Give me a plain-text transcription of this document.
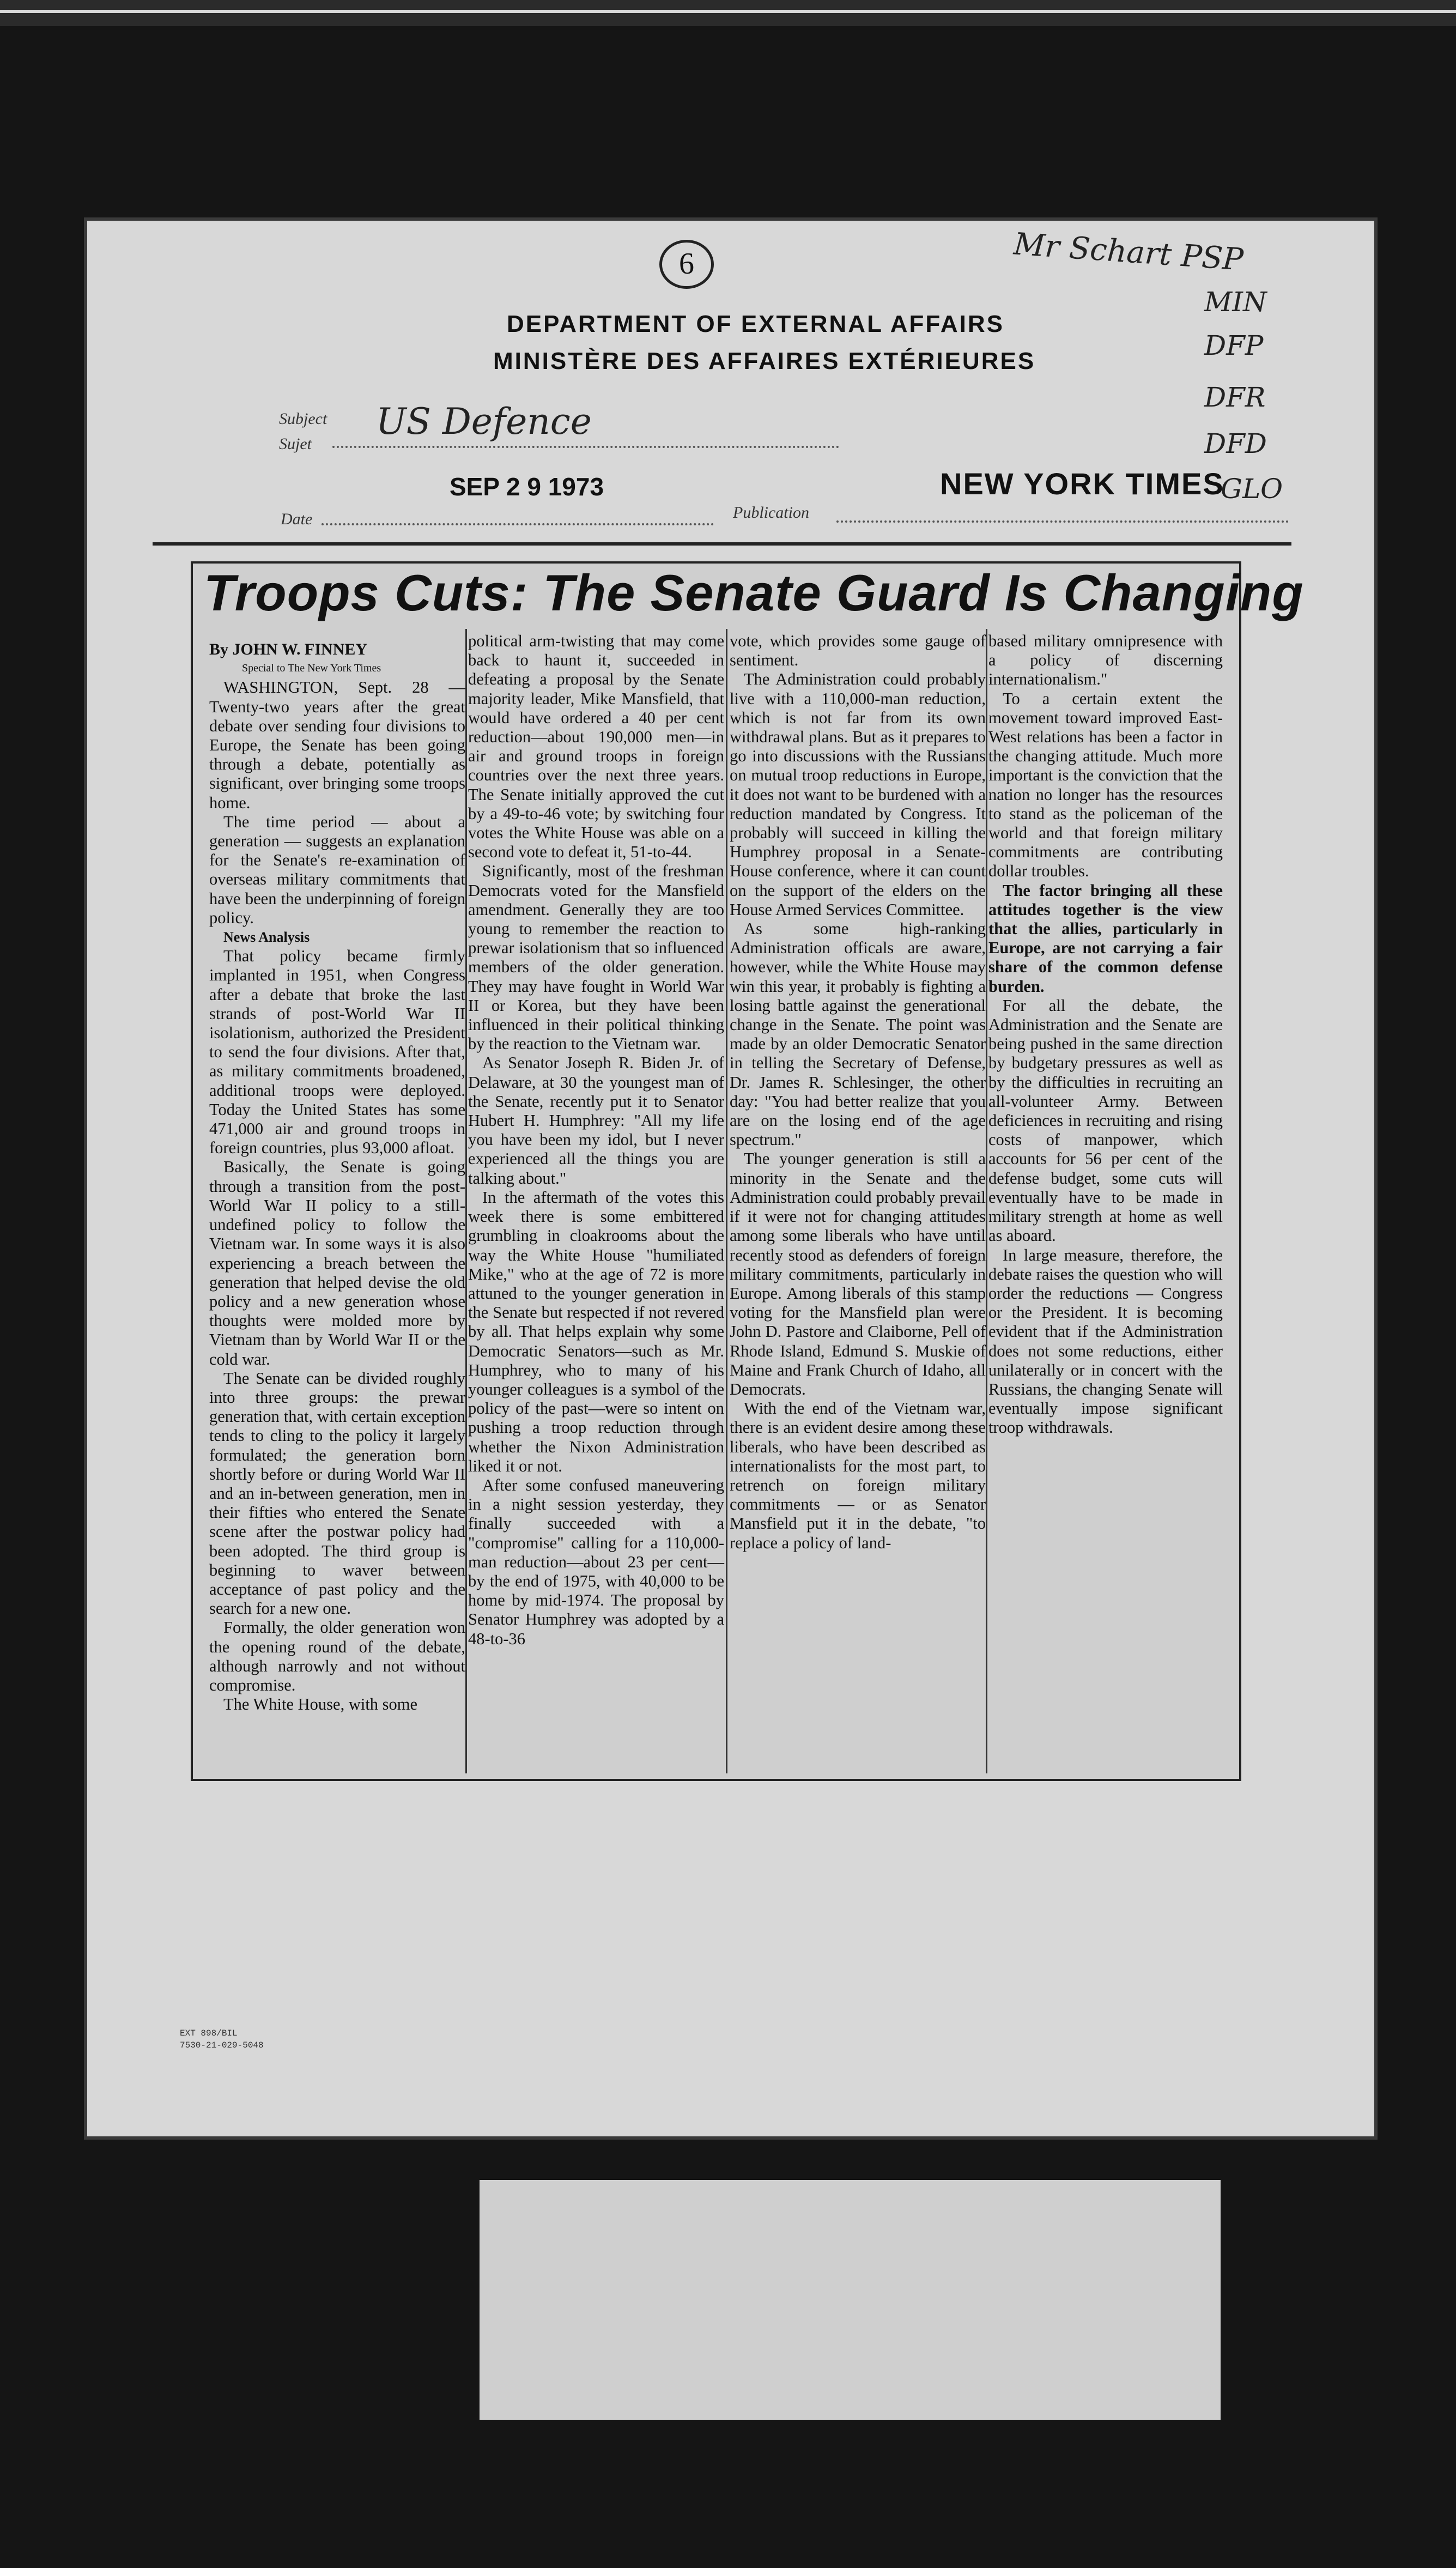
6	Mr Schart PSP
MIN
DFP
DFR
DFD
GLO
DEPARTMENT OF EXTERNAL AFFAIRS
MINISTÈRE DES AFFAIRES EXTÉRIEURES
Subject
Sujet
US Defence
SEP 2 9 1973
Date	Publication
NEW YORK TIMES
Troops Cuts: The Senate Guard Is Changing

By JOHN W. FINNEY

Special to The New York Times

WASHINGTON, Sept. 28 — Twenty-two years after the great debate over sending four divisions to Europe, the Senate has been going through a debate, potentially as significant, over bringing some troops home.

The time period — about a generation — suggests an explanation for the Senate's re-examination of overseas military commitments that have been the underpinning of foreign policy.

News Analysis

That policy became firmly implanted in 1951, when Congress after a debate that broke the last strands of post-World War II isolationism, authorized the President to send the four divisions. After that, as military commitments broadened, additional troops were deployed. Today the United States has some 471,000 air and ground troops in foreign countries, plus 93,000 afloat.

Basically, the Senate is going through a transition from the post-World War II policy to a still-undefined policy to follow the Vietnam war. In some ways it is also experiencing a breach between the generation that helped devise the old policy and a new generation whose thoughts were molded more by Vietnam than by World War II or the cold war.

The Senate can be divided roughly into three groups: the prewar generation that, with certain exception tends to cling to the policy it largely formulated; the generation born shortly before or during World War II and an in-between generation, men in their fifties who entered the Senate scene after the postwar policy had been adopted. The third group is beginning to waver between acceptance of past policy and the search for a new one.

Formally, the older generation won the opening round of the debate, although narrowly and not without compromise.

The White House, with some

political arm-twisting that may come back to haunt it, succeeded in defeating a proposal by the Senate majority leader, Mike Mansfield, that would have ordered a 40 per cent reduction—about 190,000 men—in air and ground troops in foreign countries over the next three years. The Senate initially approved the cut by a 49-to-46 vote; by switching four votes the White House was able on a second vote to defeat it, 51-to-44.

Significantly, most of the freshman Democrats voted for the Mansfield amendment. Generally they are too young to remember the reaction to prewar isolationism that so influenced members of the older generation. They may have fought in World War II or Korea, but they have been influenced in their political thinking by the reaction to the Vietnam war.

As Senator Joseph R. Biden Jr. of Delaware, at 30 the youngest man of the Senate, recently put it to Senator Hubert H. Humphrey: "All my life you have been my idol, but I never experienced all the things you are talking about."

In the aftermath of the votes this week there is some embittered grumbling in cloakrooms about the way the White House "humiliated Mike," who at the age of 72 is more attuned to the younger generation in the Senate but respected if not revered by all. That helps explain why some Democratic Senators—such as Mr. Humphrey, who to many of his younger colleagues is a symbol of the policy of the past—were so intent on pushing a troop reduction through whether the Nixon Administration liked it or not.

After some confused maneuvering in a night session yesterday, they finally succeeded with a "compromise" calling for a 110,000-man reduction—about 23 per cent—by the end of 1975, with 40,000 to be home by mid-1974. The proposal by Senator Humphrey was adopted by a 48-to-36

vote, which provides some gauge of sentiment.

The Administration could probably live with a 110,000-man reduction, which is not far from its own withdrawal plans. But as it prepares to go into discussions with the Russians on mutual troop reductions in Europe, it does not want to be burdened with a reduction mandated by Congress. It probably will succeed in killing the Humphrey proposal in a Senate-House conference, where it can count on the support of the elders on the House Armed Services Committee.

As some high-ranking Administration officals are aware, however, while the White House may win this year, it probably is fighting a losing battle against the generational change in the Senate. The point was made by an older Democratic Senator in telling the Secretary of Defense, Dr. James R. Schlesinger, the other day: "You had better realize that you are on the losing end of the age spectrum."

The younger generation is still a minority in the Senate and the Administration could probably prevail if it were not for changing attitudes among some liberals who have until recently stood as defenders of foreign military commitments, particularly in Europe. Among liberals of this stamp voting for the Mansfield plan were John D. Pastore and Claiborne, Pell of Rhode Island, Edmund S. Muskie of Maine and Frank Church of Idaho, all Democrats.

With the end of the Vietnam war, there is an evident desire among these liberals, who have been described as internationalists for the most part, to retrench on foreign military commitments — or as Senator Mansfield put it in the debate, "to replace a policy of land-

based military omnipresence with a policy of discerning internationalism."

To a certain extent the movement toward improved East-West relations has been a factor in the changing attitude. Much more important is the conviction that the nation no longer has the resources to stand as the policeman of the world and that foreign military commitments are contributing dollar troubles.

The factor bringing all these attitudes together is the view that the allies, particularly in Europe, are not carrying a fair share of the common defense burden.

For all the debate, the Administration and the Senate are being pushed in the same direction by budgetary pressures as well as by the difficulties in recruiting an all-volunteer Army. Between deficiences in recruiting and rising costs of manpower, which accounts for 56 per cent of the defense budget, some cuts will eventually have to be made in military strength at home as well as aboard.

In large measure, therefore, the debate raises the question who will order the reductions — Congress or the President. It is becoming evident that if the Administration does not some reductions, either unilaterally or in concert with the Russians, the changing Senate will eventually impose significant troop withdrawals.

EXT 898/BIL
7530-21-029-5048
